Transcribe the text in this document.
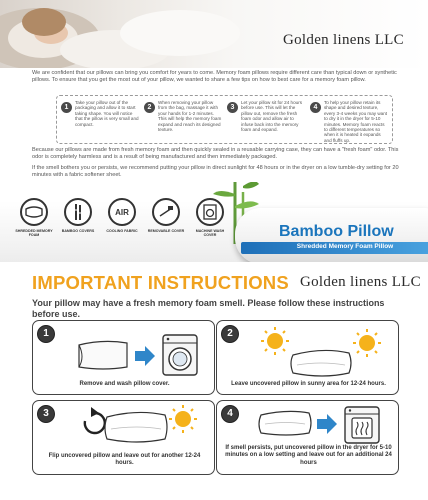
Golden linens LLC

We are confident that our pillows can bring you comfort for years to come. Memory foam pillows require different care than typical down or synthetic pillows. To ensure that you get the most out of your pillow, we wanted to share a few tips on how to best care for a memory foam pillow.

1
Take your pillow out of the packaging and allow it to start taking shape. You will notice that the pillow is very small and compact.
2
When removing your pillow from the bag, massage it with your hands for 1-2 minutes. This will help the memory foam expand and reach its designed texture.
3
Let your pillow sit for 24 hours before use. This will let the pillow out, remove the fresh foam odor and allow air to infuse back into the memory foam and expand.
4
To help your pillow retain its shape and desired texture, every 3-4 weeks you may want to dry it in the dryer for 5-10 minutes. Memory foam reacts to different temperatures so when it is heated it expands and fluffs up.

Because our pillows are made from fresh memory foam and then quickly sealed in a reusable carrying case, they can have a "fresh foam" odor. This odor is completely harmless and is a result of being manufactured and then immediately packaged.

If the smell bothers you or persists, we recommend putting your pillow in direct sunlight for 48 hours or in the dryer on a low tumble-dry setting for 20 minutes with a fabric softener sheet.

SHREDDED MEMORY FOAM
BAMBOO COVERS
AIR
COOLING FABRIC	REMOVABLE COVER	MACHINE WASH COVER	Bamboo Pillow
Shredded Memory Foam Pillow
IMPORTANT INSTRUCTIONS Golden linens LLC

Your pillow may have a fresh memory foam smell. Please follow these instructions before use.

1
Remove and wash pillow cover.
2
Leave uncovered pillow in sunny area for 12-24 hours.
3
Flip uncovered pillow and leave out for another 12-24 hours.
4
If smell persists, put uncovered pillow in the dryer for 5-10 minutes on a low setting and leave out for an additional 24 hours
